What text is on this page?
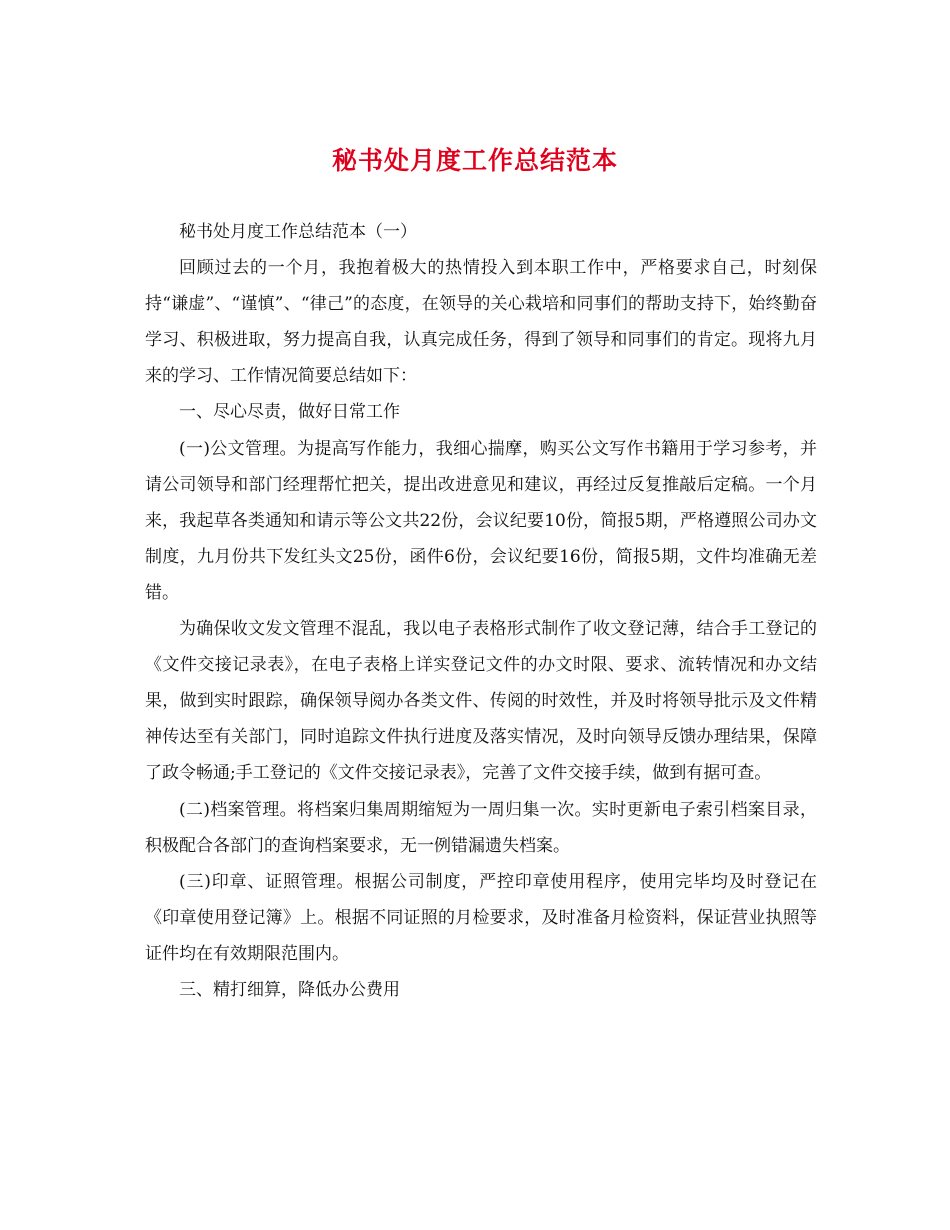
秘书处月度工作总结范本

秘书处月度工作总结范本（一）

回顾过去的一个月，我抱着极大的热情投入到本职工作中，严格要求自己，时刻保持“谦虚”、“谨慎”、“律己”的态度，在领导的关心栽培和同事们的帮助支持下，始终勤奋学习、积极进取，努力提高自我，认真完成任务，得到了领导和同事们的肯定。现将九月来的学习、工作情况简要总结如下：

一、尽心尽责，做好日常工作

(一)公文管理。为提高写作能力，我细心揣摩，购买公文写作书籍用于学习参考，并请公司领导和部门经理帮忙把关，提出改进意见和建议，再经过反复推敲后定稿。一个月来，我起草各类通知和请示等公文共22份，会议纪要10份，简报5期，严格遵照公司办文制度，九月份共下发红头文25份，函件6份，会议纪要16份，简报5期，文件均准确无差错。

为确保收文发文管理不混乱，我以电子表格形式制作了收文登记薄，结合手工登记的《文件交接记录表》，在电子表格上详实登记文件的办文时限、要求、流转情况和办文结果，做到实时跟踪，确保领导阅办各类文件、传阅的时效性，并及时将领导批示及文件精神传达至有关部门，同时追踪文件执行进度及落实情况，及时向领导反馈办理结果，保障了政令畅通;手工登记的《文件交接记录表》，完善了文件交接手续，做到有据可查。

(二)档案管理。将档案归集周期缩短为一周归集一次。实时更新电子索引档案目录，积极配合各部门的查询档案要求，无一例错漏遗失档案。

(三)印章、证照管理。根据公司制度，严控印章使用程序，使用完毕均及时登记在《印章使用登记簿》上。根据不同证照的月检要求，及时准备月检资料，保证营业执照等证件均在有效期限范围内。

三、精打细算，降低办公费用
